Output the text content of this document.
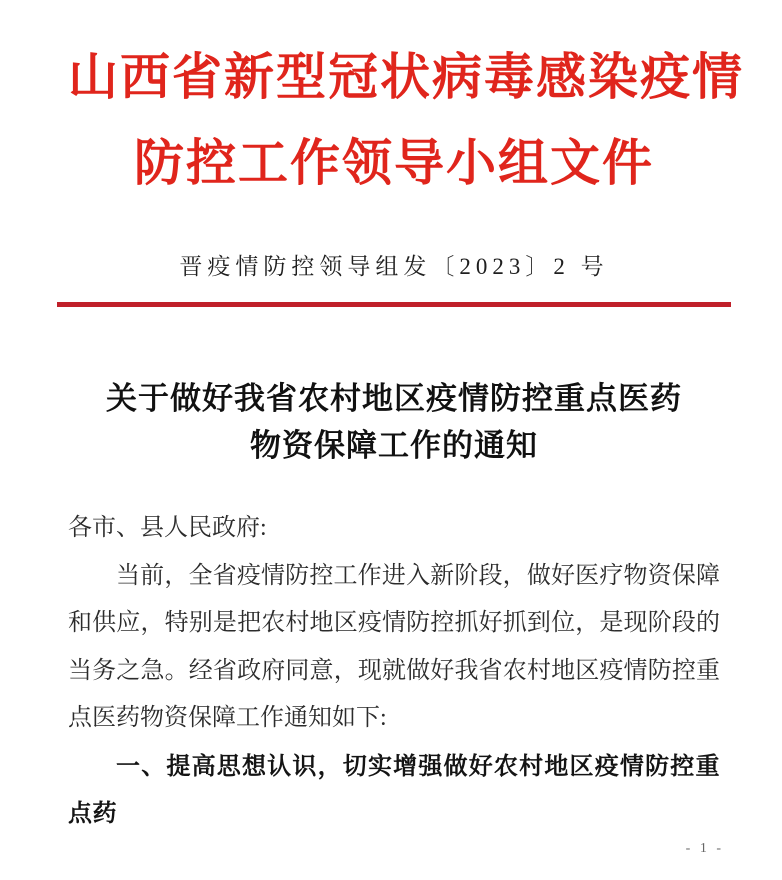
山西省新型冠状病毒感染疫情
防控工作领导小组文件
晋疫情防控领导组发〔2023〕2 号
关于做好我省农村地区疫情防控重点医药
物资保障工作的通知

各市、县人民政府:

当前，全省疫情防控工作进入新阶段，做好医疗物资保障和供应，特别是把农村地区疫情防控抓好抓到位，是现阶段的当务之急。经省政府同意，现就做好我省农村地区疫情防控重点医药物资保障工作通知如下:

一、提高思想认识，切实增强做好农村地区疫情防控重点药

- 1 -
